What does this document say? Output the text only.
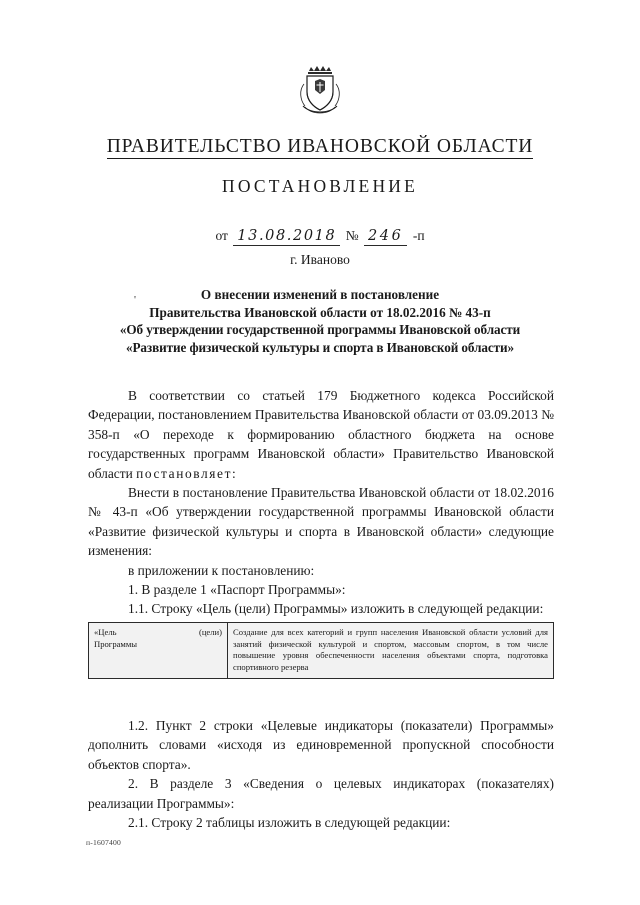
ПРАВИТЕЛЬСТВО ИВАНОВСКОЙ ОБЛАСТИ
ПОСТАНОВЛЕНИЕ
от 13.08.2018 № 246 -п
г. Иваново
'	О внесении изменений в постановление
Правительства Ивановской области от 18.02.2016 № 43-п
«Об утверждении государственной программы Ивановской области
«Развитие физической культуры и спорта в Ивановской области»

В соответствии со статьей 179 Бюджетного кодекса Российской Федерации, постановлением Правительства Ивановской области от 03.09.2013 № 358-п «О переходе к формированию областного бюджета на основе государственных программ Ивановской области» Правительство Ивановской области постановляет:

Внести в постановление Правительства Ивановской области от 18.02.2016 № 43-п «Об утверждении государственной программы Ивановской области «Развитие физической культуры и спорта в Ивановской области» следующие изменения:

в приложении к постановлению:

1. В разделе 1 «Паспорт Программы»:

1.1. Строку «Цель (цели) Программы» изложить в следующей редакции:

«Цель	(цели)
Программы
	Создание для всех категорий и групп населения Ивановской области условий для занятий физической культурой и спортом, массовым спортом, в том числе повышение уровня обеспеченности населения объектами спорта, подготовка спортивного резерва

1.2. Пункт 2 строки «Целевые индикаторы (показатели) Программы» дополнить словами «исходя из единовременной пропускной способности объектов спорта».

2. В разделе 3 «Сведения о целевых индикаторах (показателях) реализации Программы»:

2.1. Строку 2 таблицы изложить в следующей редакции:

п-1607400
